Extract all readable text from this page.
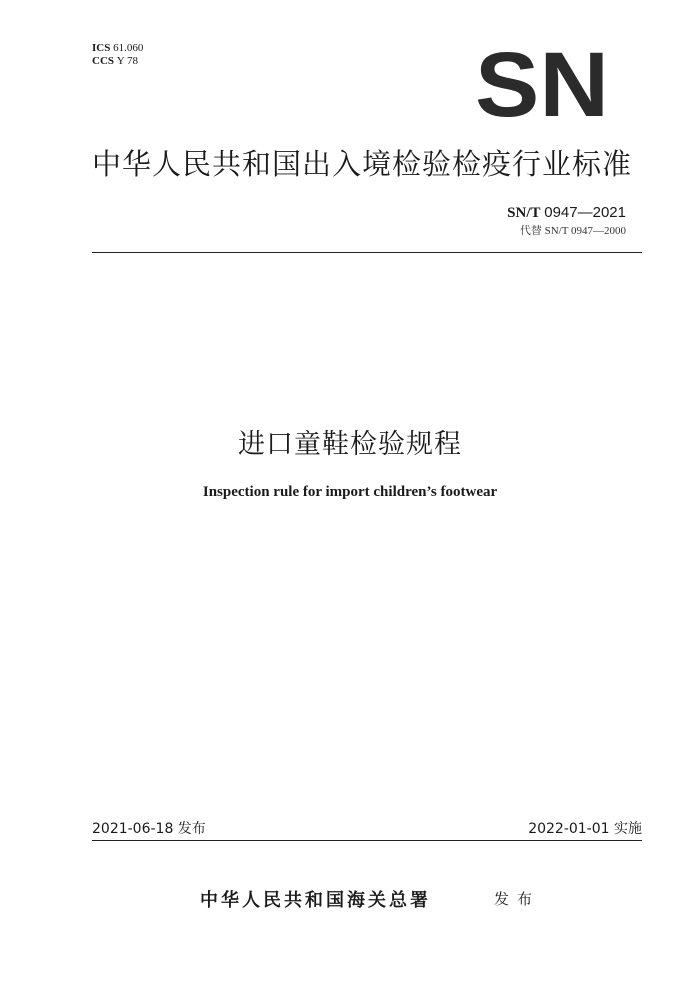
ICS 61.060
CCS Y 78	SN
中华人民共和国出入境检验检疫行业标准
SN/T 0947—2021
代替 SN/T 0947—2000
进口童鞋检验规程
Inspection rule for import children’s footwear
2021-06-18 发布	2022-01-01 实施
中华人民共和国海关总署	发布
